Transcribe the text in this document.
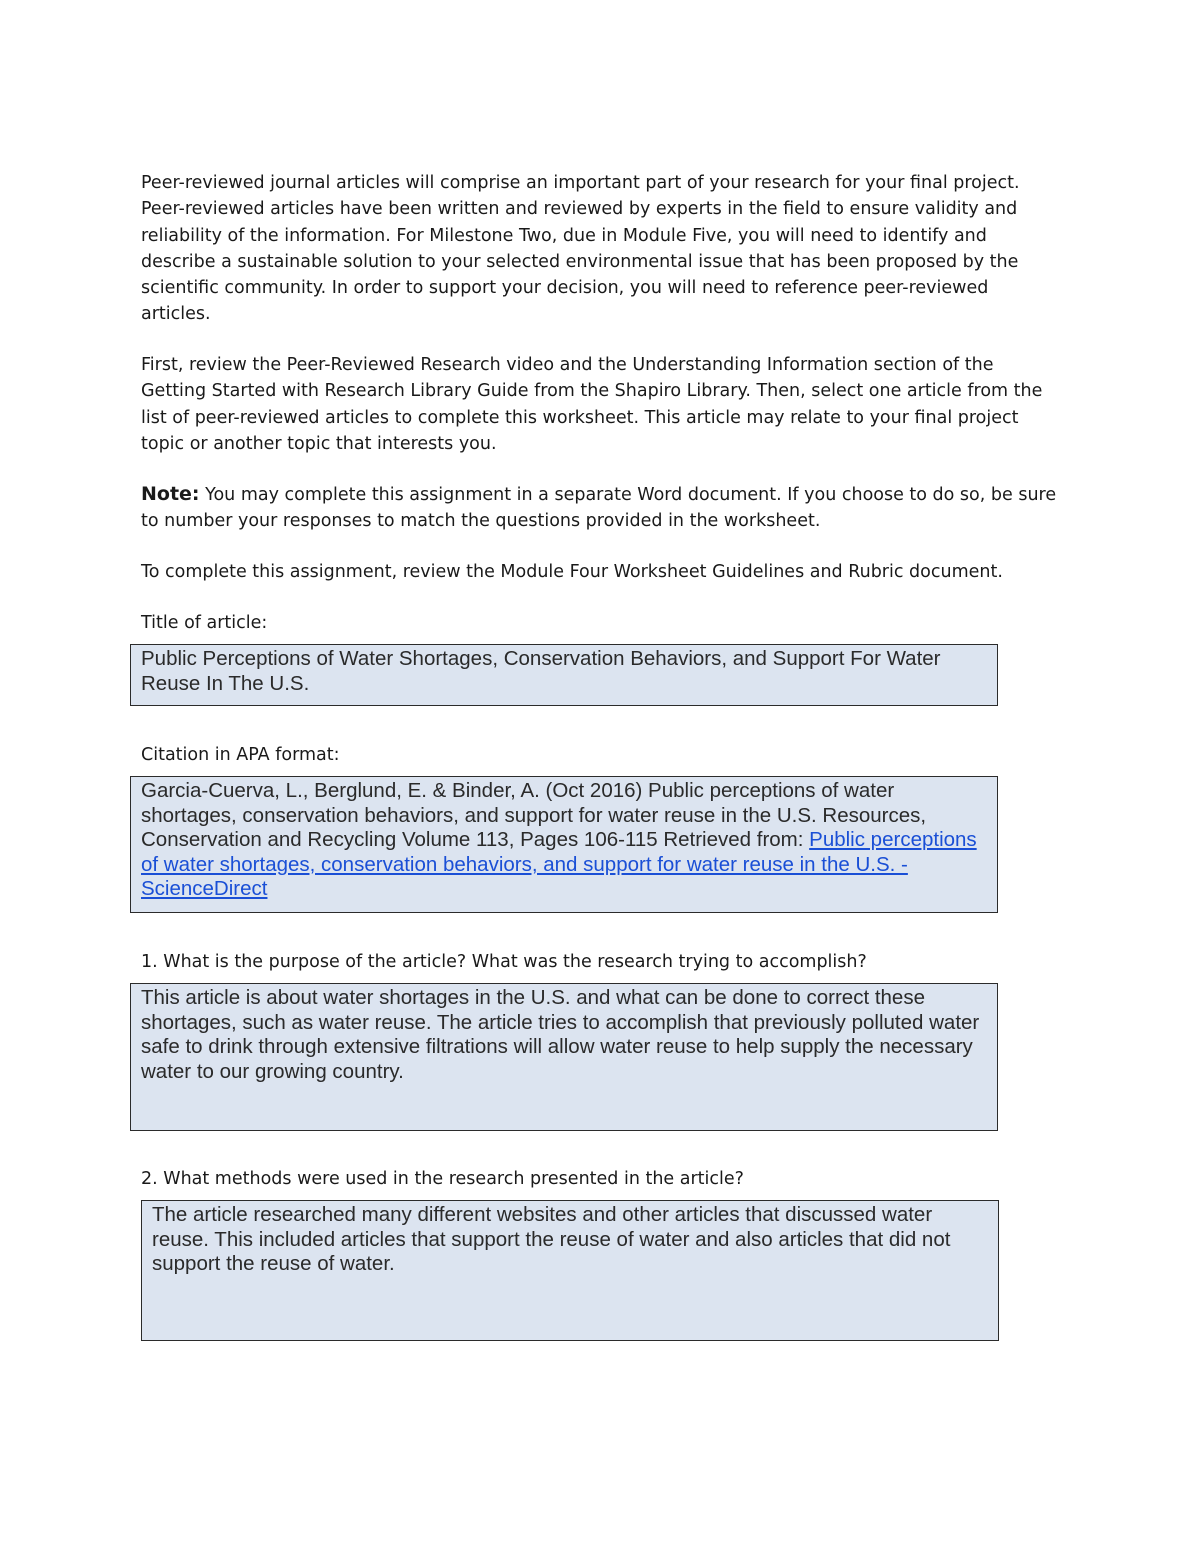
Peer-reviewed journal articles will comprise an important part of your research for your final project. Peer-reviewed articles have been written and reviewed by experts in the field to ensure validity and reliability of the information. For Milestone Two, due in Module Five, you will need to identify and describe a sustainable solution to your selected environmental issue that has been proposed by the scientific community. In order to support your decision, you will need to reference peer-reviewed articles.

First, review the Peer-Reviewed Research video and the Understanding Information section of the Getting Started with Research Library Guide from the Shapiro Library. Then, select one article from the list of peer-reviewed articles to complete this worksheet. This article may relate to your final project topic or another topic that interests you.

Note: You may complete this assignment in a separate Word document. If you choose to do so, be sure to number your responses to match the questions provided in the worksheet.

To complete this assignment, review the Module Four Worksheet Guidelines and Rubric document.

Title of article:

Public Perceptions of Water Shortages, Conservation Behaviors, and Support For Water Reuse In The U.S.

Citation in APA format:

Garcia-Cuerva, L., Berglund, E. & Binder, A. (Oct 2016) Public perceptions of water shortages, conservation behaviors, and support for water reuse in the U.S. Resources, Conservation and Recycling Volume 113, Pages 106-115 Retrieved from: Public perceptions of water shortages, conservation behaviors, and support for water reuse in the U.S. - ScienceDirect

1. What is the purpose of the article? What was the research trying to accomplish?

This article is about water shortages in the U.S. and what can be done to correct these shortages, such as water reuse. The article tries to accomplish that previously polluted water safe to drink through extensive filtrations will allow water reuse to help supply the necessary water to our growing country.

2. What methods were used in the research presented in the article?

The article researched many different websites and other articles that discussed water reuse. This included articles that support the reuse of water and also articles that did not support the reuse of water.
